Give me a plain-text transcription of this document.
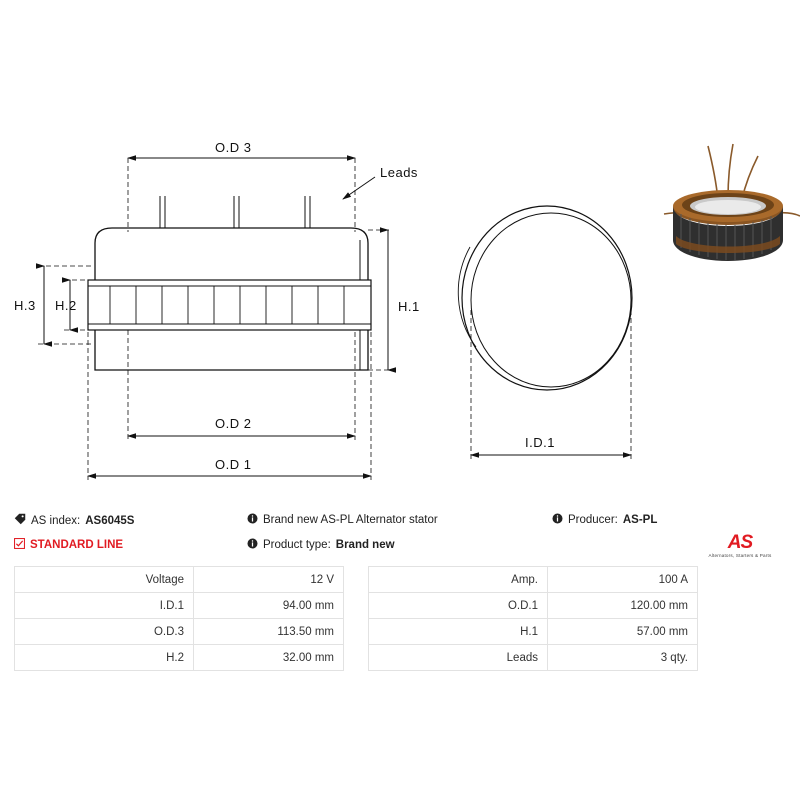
O.D 3
O.D 2
O.D 1
H.3 H.2	H.1
Leads
I.D.1
AS index: AS6045S
STANDARD LINE
Brand new AS-PL Alternator stator
Product type: Brand new
Producer: AS-PL
AS
Alternators, Starters & Parts
Voltage	12 V
I.D.1	94.00 mm
O.D.3	113.50 mm
H.2	32.00 mm
Amp.	100 A
O.D.1	120.00 mm
H.1	57.00 mm
Leads	3 qty.
